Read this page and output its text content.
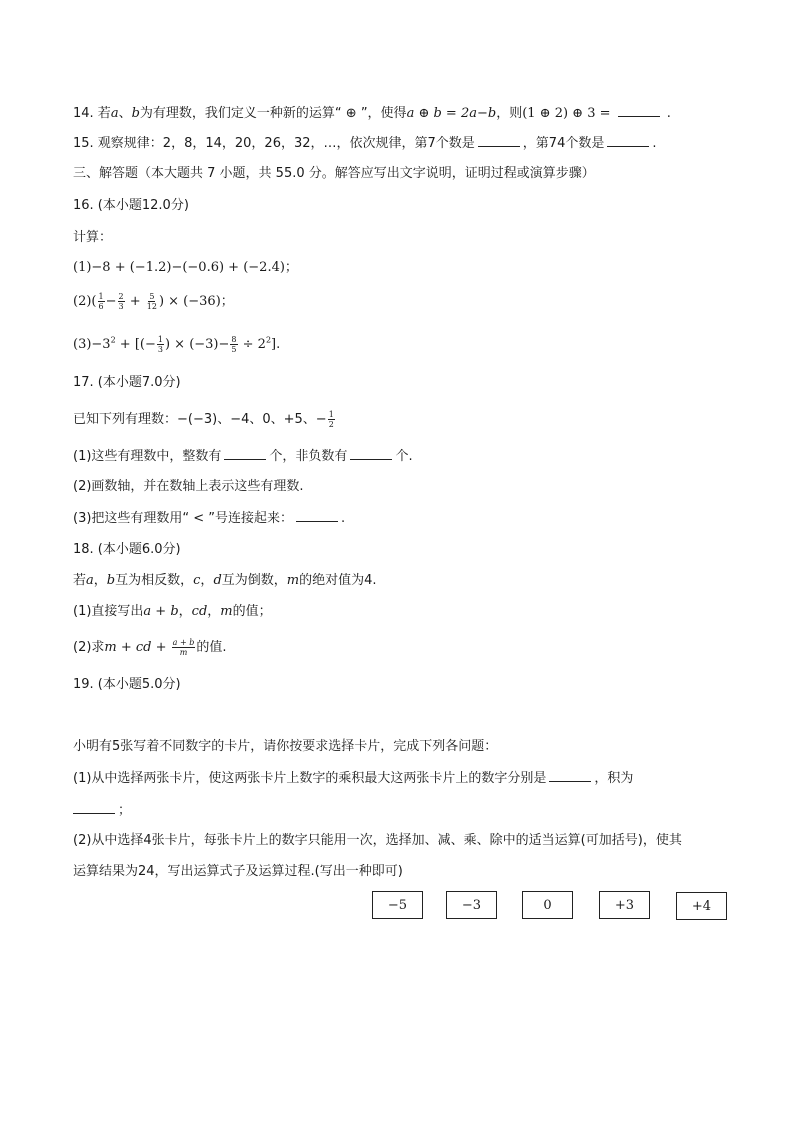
14. 若a、b为有理数，我们定义一种新的运算“ ⊕ ”，使得a ⊕ b = 2a−b，则(1 ⊕ 2) ⊕ 3 =	.
15. 观察规律：2，8，14，20，26，32，…，依次规律，第7个数是	，第74个数是	.
三、解答题（本大题共 7 小题，共 55.0 分。解答应写出文字说明，证明过程或演算步骤）
16. (本小题12.0分)
计算：
(1)−8 + (−1.2)−(−0.6) + (−2.4)；
$(2)( \frac{1}{6} - \frac{2}{3} + \frac{5}{12}$ ) × (−36)；
$(3)-3^2$ + [(− $\frac{1}{3}$ ) × $(-3)- \frac{8}{5} \div 2^2$].
17. (本小题7.0分)
已知下列有理数：−(−3)、−4、0、+5、− $\frac{1}{2}$
(1)这些有理数中，整数有	个，非负数有	个.
(2)画数轴，并在数轴上表示这些有理数.
(3)把这些有理数用“ < ”号连接起来：	.
18. (本小题6.0分)
若a，b互为相反数，c，d互为倒数，m的绝对值为4.
(1)直接写出a + b，cd，m的值；
(2)求m + cd + $\frac{a + b}{m}$ 的值.
19. (本小题5.0分)
小明有5张写着不同数字的卡片，请你按要求选择卡片，完成下列各问题：
(1)从中选择两张卡片，使这两张卡片上数字的乘积最大这两张卡片上的数字分别是	，积为
；
(2)从中选择4张卡片，每张卡片上的数字只能用一次，选择加、减、乘、除中的适当运算(可加括号)，使其
运算结果为24，写出运算式子及运算过程.(写出一种即可)
−5	−3	0	+3	+4
